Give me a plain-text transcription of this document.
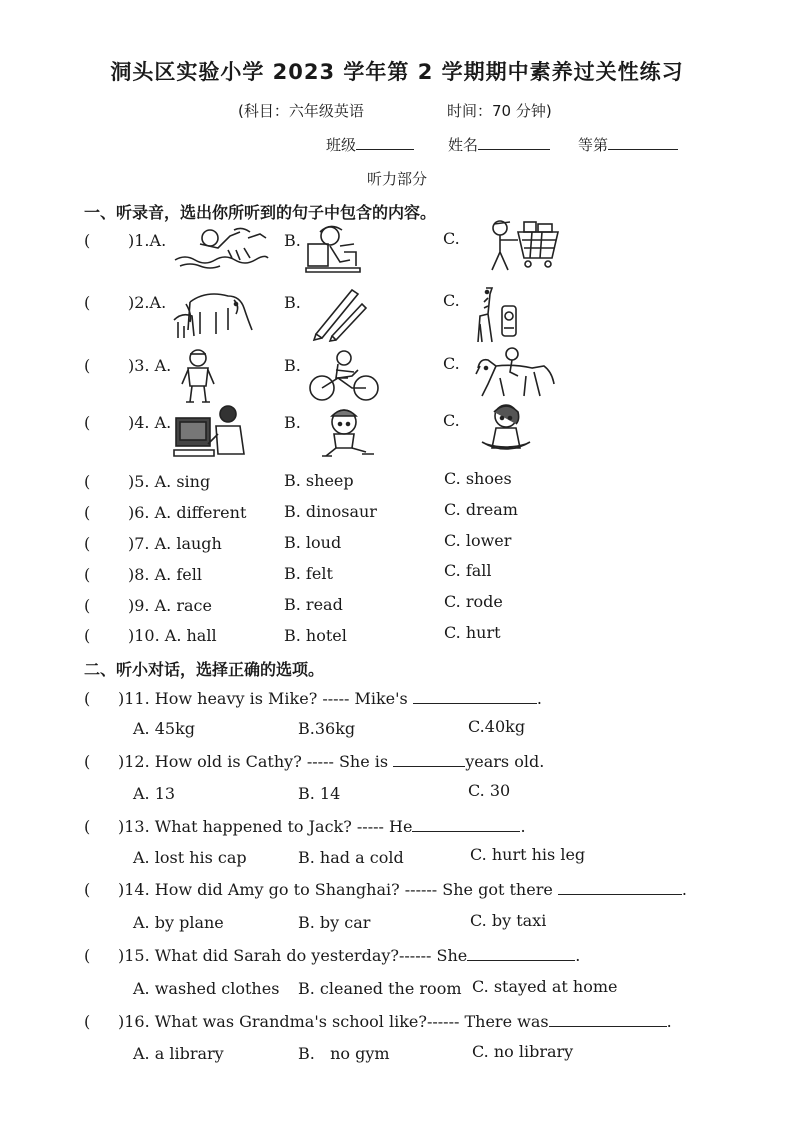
洞头区实验小学 2023 学年第 2 学期期中素养过关性练习
(科目：六年级英语	时间：70 分钟)
班级	姓名	等第
听力部分
一、听录音，选出你所听到的句子中包含的内容。
( )1.A.	B.	C.
( )2.A.	B.	C.
( )3. A.	B.	C.
( )4. A.	B.	C.
( )5. A. sing	B. sheep	C. shoes
( )6. A. different B. dinosaur	C. dream
( )7. A. laugh	B. loud	C. lower
( )8. A. fell	B. felt	C. fall
( )9. A. race	B. read	C. rode
( )10. A. hall	B. hotel	C. hurt
二、听小对话，选择正确的选项。
( )11. How heavy is Mike? ----- Mike's	.
A. 45kg	B.36kg	C.40kg
( )12. How old is Cathy? ----- She is	years old.
A. 13	B. 14	C. 30
( )13. What happened to Jack? ----- He	.
A. lost his cap	B. had a cold	C. hurt his leg
( )14. How did Amy go to Shanghai? ------ She got there	.
A. by plane	B. by car	C. by taxi
( )15. What did Sarah do yesterday?------ She	.
A. washed clothes B. cleaned the room C. stayed at home
( )16. What was Grandma's school like?------ There was	.
A. a library	B.   no gym	C. no library
